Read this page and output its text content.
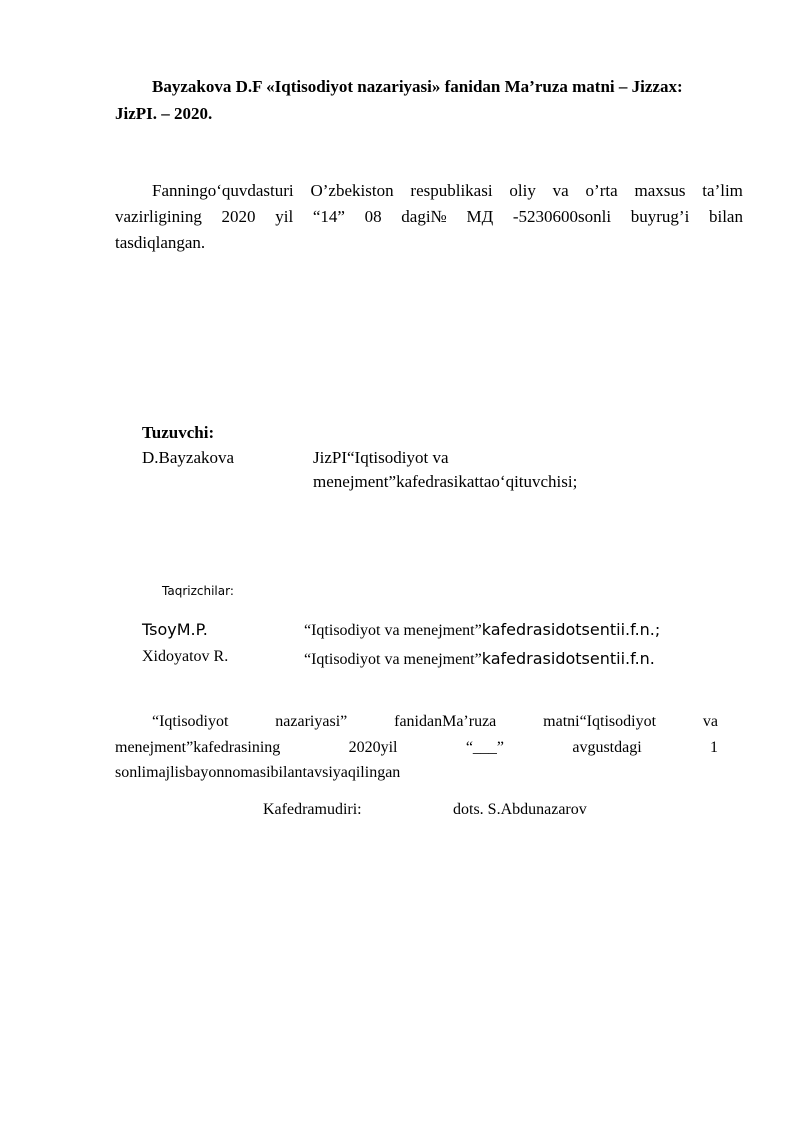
Bayzakova D.F «Iqtisodiyot nazariyasi» fanidan Ma’ruza matni – Jizzax:
JizPI. – 2020.
Fanningo‘quvdasturi O’zbekiston respublikasi oliy va o’rta maxsus ta’lim
vazirligining 2020 yil “14” 08 dagi№ МД -5230600sonli buyrug’i bilan
tasdiqlangan.
Tuzuvchi:
D.Bayzakova	JizPI“Iqtisodiyot va
menejment”kafedrasikattao‘qituvchisi;
Taqrizchilar:
TsoyM.P.	“Iqtisodiyot va menejment”kafedrasidotsentii.f.n.;
Xidoyatov R.	“Iqtisodiyot va menejment”kafedrasidotsentii.f.n.
“Iqtisodiyot	nazariyasi”	fanidanMa’ruza	matni“Iqtisodiyot	va
menejment”kafedrasining	2020yil	“___”	avgustdagi	1
sonlimajlisbayonnomasibilantavsiyaqilingan
Kafedramudiri:	dots. S.Abdunazarov
